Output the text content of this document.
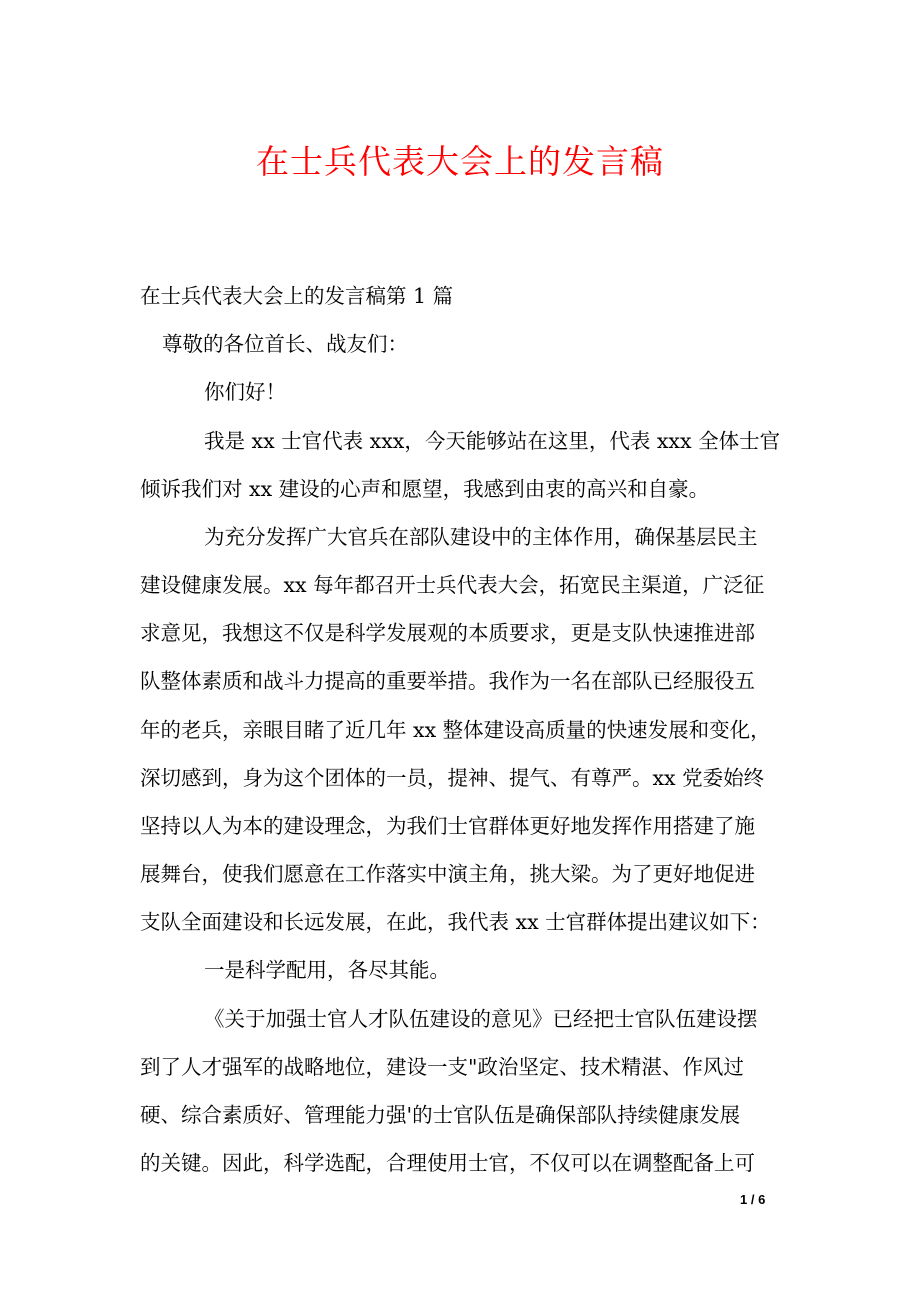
在士兵代表大会上的发言稿
在士兵代表大会上的发言稿第 1 篇
尊敬的各位首长、战友们：
你们好！
我是 xx 士官代表 xxx，今天能够站在这里，代表 xxx 全体士官
倾诉我们对 xx 建设的心声和愿望，我感到由衷的高兴和自豪。
为充分发挥广大官兵在部队建设中的主体作用，确保基层民主
建设健康发展。xx 每年都召开士兵代表大会，拓宽民主渠道，广泛征
求意见，我想这不仅是科学发展观的本质要求，更是支队快速推进部
队整体素质和战斗力提高的重要举措。我作为一名在部队已经服役五
年的老兵，亲眼目睹了近几年 xx 整体建设高质量的快速发展和变化，
深切感到，身为这个团体的一员，提神、提气、有尊严。xx 党委始终
坚持以人为本的建设理念，为我们士官群体更好地发挥作用搭建了施
展舞台，使我们愿意在工作落实中演主角，挑大梁。为了更好地促进
支队全面建设和长远发展，在此，我代表 xx 士官群体提出建议如下：
一是科学配用，各尽其能。
《关于加强士官人才队伍建设的意见》已经把士官队伍建设摆
到了人才强军的战略地位，建设一支"政治坚定、技术精湛、作风过
硬、综合素质好、管理能力强'的士官队伍是确保部队持续健康发展
的关键。因此，科学选配，合理使用士官，不仅可以在调整配备上可
1 / 6
